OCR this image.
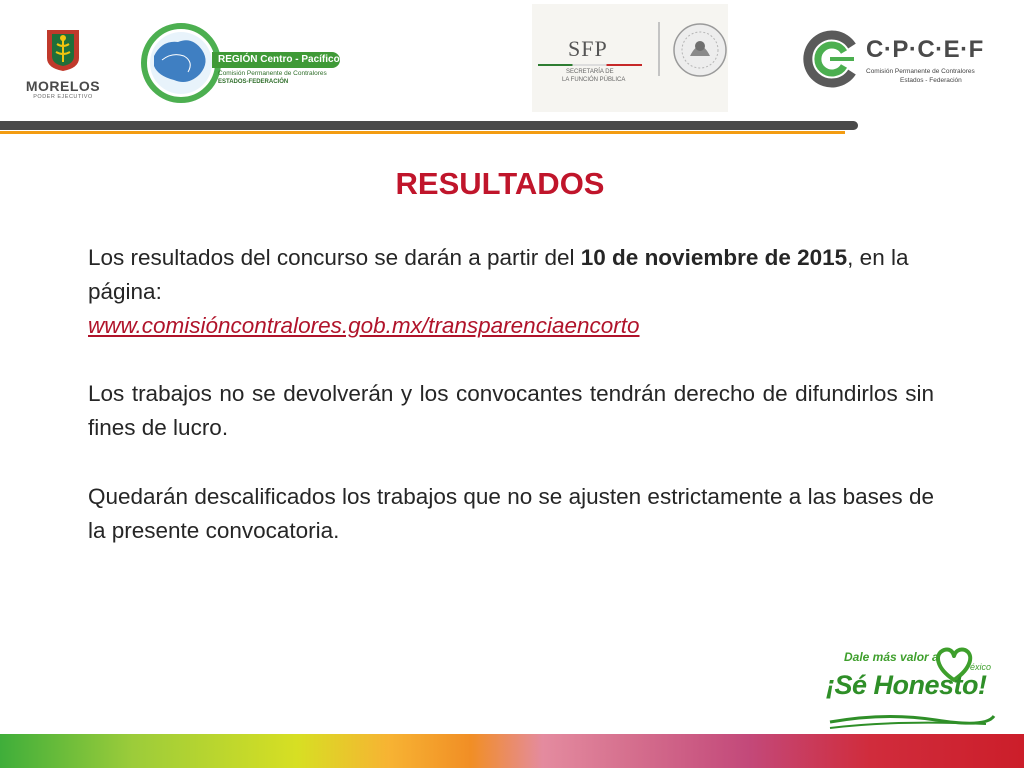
MORELOS
PODER EJECUTIVO
REGIÓN Centro - Pacífico
Comisión Permanente de Contralores
ESTADOS-FEDERACIÓN
SFP
SECRETARÍA DE
LA FUNCIÓN PÚBLICA
C·P·C·E·F
Comisión Permanente de Contralores
Estados - Federación
RESULTADOS

Los resultados del concurso se darán a partir del 10 de noviembre de 2015, en la página:
www.comisióncontralores.gob.mx/transparenciaencorto

Los trabajos no se devolverán y los convocantes tendrán derecho de difundirlos sin fines de lucro.

Quedarán descalificados los trabajos que no se ajusten estrictamente a las bases de la presente convocatoria.

Dale más valor a
éxico
¡Sé Honesto!
